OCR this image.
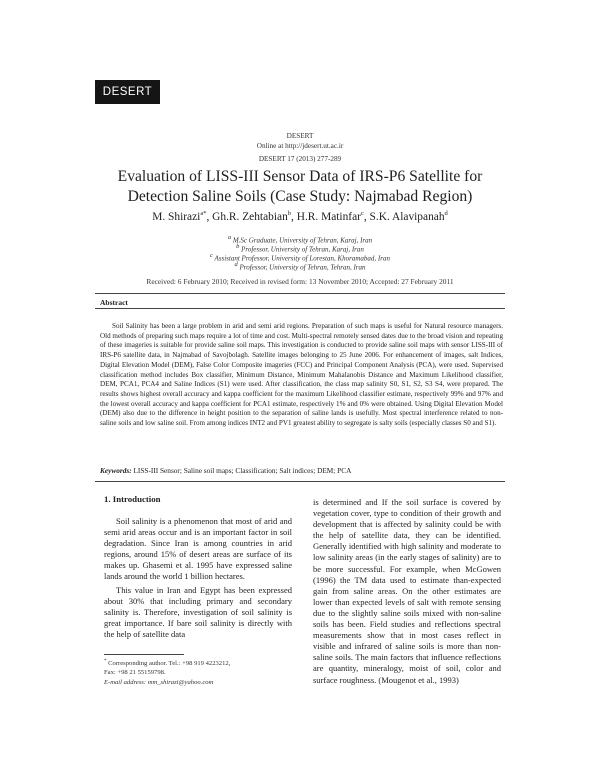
DESERT
DESERT
Online at http://jdesert.ut.ac.ir
DESERT 17 (2013) 277-289
Evaluation of LISS-III Sensor Data of IRS-P6 Satellite for
Detection Saline Soils (Case Study: Najmabad Region)
M. Shirazi$^{a*}$, Gh.R. Zehtabian$^b$, H.R. Matinfar$^c$, S.K. Alavipanah$^d$
$^a$ M.Sc Graduate, University of Tehran, Karaj, Iran
$^b$ Professor, University of Tehran, Karaj, Iran
$^c$ Assistant Professor, University of Lorestan, Khoramabad, Iran
$^d$ Professor, University of Tehran, Tehran, Iran
Received: 6 February 2010; Received in revised form: 13 November 2010; Accepted: 27 February 2011
Abstract

Soil Salinity has been a large problem in arid and semi arid regions. Preparation of such maps is useful for Natural resource managers. Old methods of preparing such maps require a lot of time and cost. Multi-spectral remotely sensed dates due to the broad vision and repeating of these imageries is suitable for provide saline soil maps. This investigation is conducted to provide saline soil maps with sensor LISS-III of IRS-P6 satellite data, in Najmabad of Savojbolagh. Satellite images belonging to 25 June 2006. For enhancement of images, salt Indices, Digital Elevation Model (DEM), False Color Composite imageries (FCC) and Principal Component Analysis (PCA), were used. Supervised classification method includes Box classifier, Minimum Distance, Minimum Mahalanobis Distance and Maximum Likelihood classifier, DEM, PCA1, PCA4 and Saline Indices (S1) were used. After classification, the class map salinity S0, S1, S2, S3 S4, were prepared. The results shows highest overall accuracy and kappa coefficient for the maximum Likelihood classifier estimate, respectively 99% and 97% and the lowest overall accuracy and kappa coefficient for PCA1 estimate, respectively 1% and 0% were obtained. Using Digital Elevation Model (DEM) also due to the difference in height position to the separation of saline lands is usefully. Most spectral interference related to non-saline soils and low saline soil. From among indices INT2 and PV1 greatest ability to segregate is salty soils (especially classes S0 and S1).

Keywords: LISS-III Sensor; Saline soil maps; Classification; Salt indices; DEM; PCA
1. Introduction

Soil salinity is a phenomenon that most of arid and semi arid areas occur and is an important factor in soil degradation. Since Iran is among countries in arid regions, around 15% of desert areas are surface of its makes up. Ghasemi et al. 1995 have expressed saline lands around the world 1 billion hectares.

This value in Iran and Egypt has been expressed about 30% that including primary and secondary salinity is. Therefore, investigation of soil salinity is great importance. If bare soil salinity is directly with the help of satellite data

is determined and If the soil surface is covered by vegetation cover, type to condition of their growth and development that is affected by salinity could be with the help of satellite data, they can be identified. Generally identified with high salinity and moderate to low salinity areas (in the early stages of salinity) are to be more successful. For example, when McGowen (1996) the TM data used to estimate than-expected gain from saline areas. On the other estimates are lower than expected levels of salt with remote sensing due to the slightly saline soils mixed with non-saline soils has been. Field studies and reflections spectral measurements show that in most cases reflect in visible and infrared of saline soils is more than non-saline soils. The main factors that influence reflections are quantity, mineralogy, moist of soil, color and surface roughness. (Mougenot et al., 1993)

* Corresponding author. Tel.: +98 919 4223212,
Fax: +98 21 55159798.
E-mail address: mm_shirazi@yahoo.com
